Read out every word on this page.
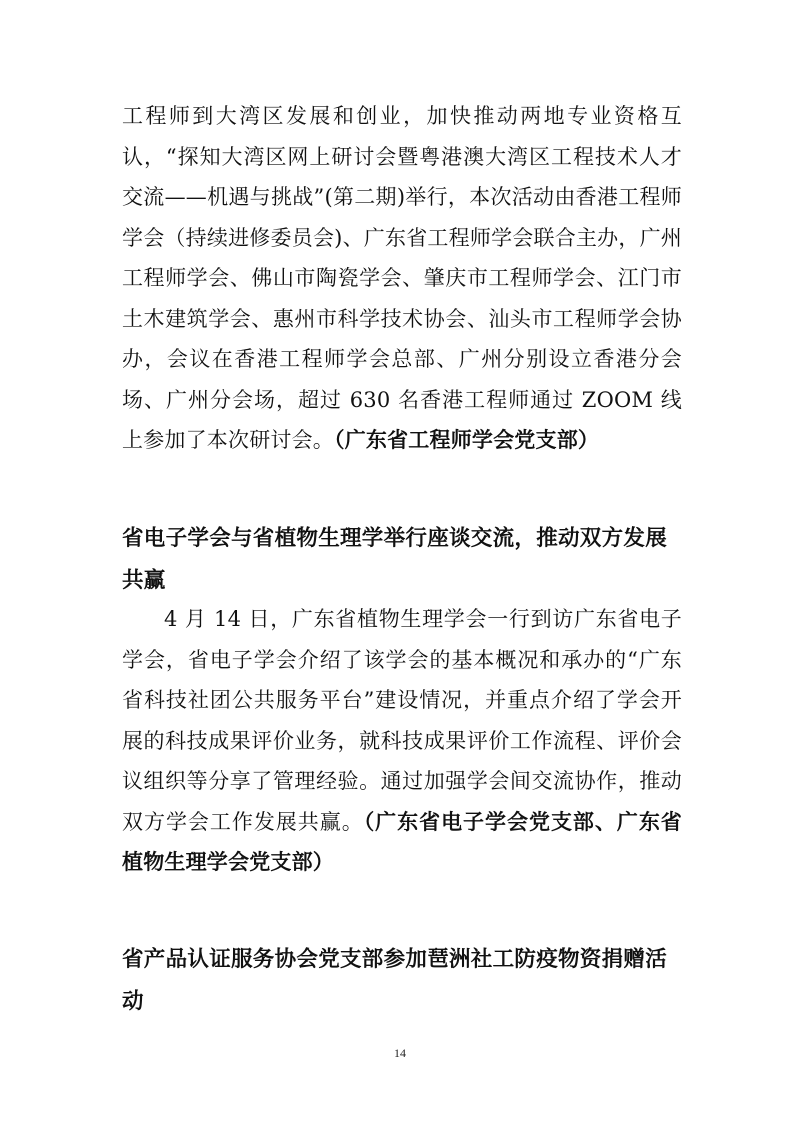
工程师到大湾区发展和创业，加快推动两地专业资格互认，“探知大湾区网上研讨会暨粤港澳大湾区工程技术人才交流——机遇与挑战”(第二期)举行，本次活动由香港工程师学会（持续进修委员会)、广东省工程师学会联合主办，广州工程师学会、佛山市陶瓷学会、肇庆市工程师学会、江门市土木建筑学会、惠州市科学技术协会、汕头市工程师学会协办，会议在香港工程师学会总部、广州分别设立香港分会场、广州分会场，超过 630 名香港工程师通过 ZOOM 线上参加了本次研讨会。（广东省工程师学会党支部）

省电子学会与省植物生理学举行座谈交流，推动双方发展共赢

4 月 14 日，广东省植物生理学会一行到访广东省电子学会，省电子学会介绍了该学会的基本概况和承办的“广东省科技社团公共服务平台”建设情况，并重点介绍了学会开展的科技成果评价业务，就科技成果评价工作流程、评价会议组织等分享了管理经验。通过加强学会间交流协作，推动双方学会工作发展共赢。（广东省电子学会党支部、广东省植物生理学会党支部）

省产品认证服务协会党支部参加琶洲社工防疫物资捐赠活动
14
